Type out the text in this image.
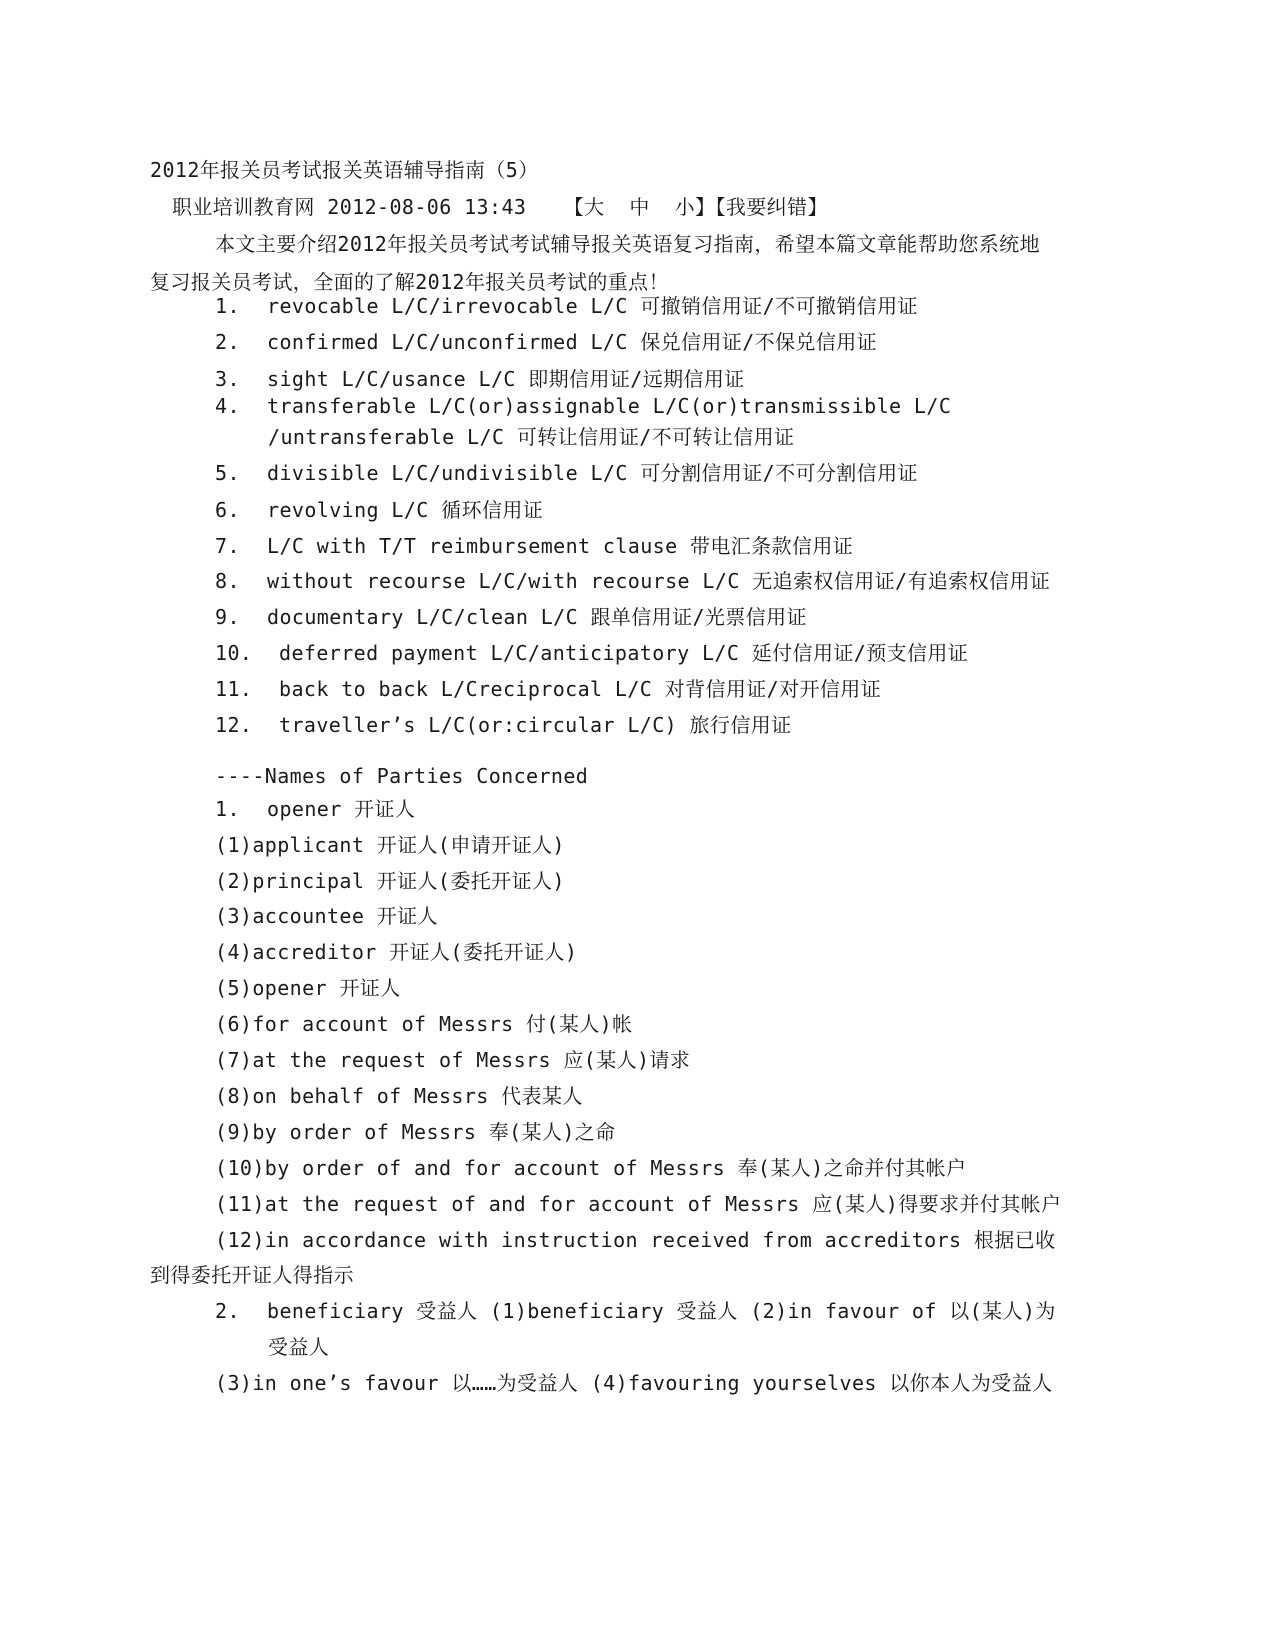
2012年报关员考试报关英语辅导指南（5）
职业培训教育网 2012-08-06 13:43 【大 中 小】【我要纠错】
本文主要介绍2012年报关员考试考试辅导报关英语复习指南，希望本篇文章能帮助您系统地
复习报关员考试，全面的了解2012年报关员考试的重点！
1. revocable L/C/irrevocable L/C 可撤销信用证/不可撤销信用证
2. confirmed L/C/unconfirmed L/C 保兑信用证/不保兑信用证
3. sight L/C/usance L/C 即期信用证/远期信用证
4. transferable L/C(or)assignable L/C(or)transmissible L/C
/untransferable L/C 可转让信用证/不可转让信用证
5. divisible L/C/undivisible L/C 可分割信用证/不可分割信用证
6. revolving L/C 循环信用证
7. L/C with T/T reimbursement clause 带电汇条款信用证
8. without recourse L/C/with recourse L/C 无追索权信用证/有追索权信用证
9. documentary L/C/clean L/C 跟单信用证/光票信用证
10. deferred payment L/C/anticipatory L/C 延付信用证/预支信用证
11. back to back L/Creciprocal L/C 对背信用证/对开信用证
12. traveller’s L/C(or:circular L/C) 旅行信用证
----Names of Parties Concerned
1. opener 开证人
(1)applicant 开证人(申请开证人)
(2)principal 开证人(委托开证人)
(3)accountee 开证人
(4)accreditor 开证人(委托开证人)
(5)opener 开证人
(6)for account of Messrs 付(某人)帐
(7)at the request of Messrs 应(某人)请求
(8)on behalf of Messrs 代表某人
(9)by order of Messrs 奉(某人)之命
(10)by order of and for account of Messrs 奉(某人)之命并付其帐户
(11)at the request of and for account of Messrs 应(某人)得要求并付其帐户
(12)in accordance with instruction received from accreditors 根据已收
到得委托开证人得指示
2. beneficiary 受益人 (1)beneficiary 受益人 (2)in favour of 以(某人)为
受益人
(3)in one’s favour 以……为受益人 (4)favouring yourselves 以你本人为受益人
